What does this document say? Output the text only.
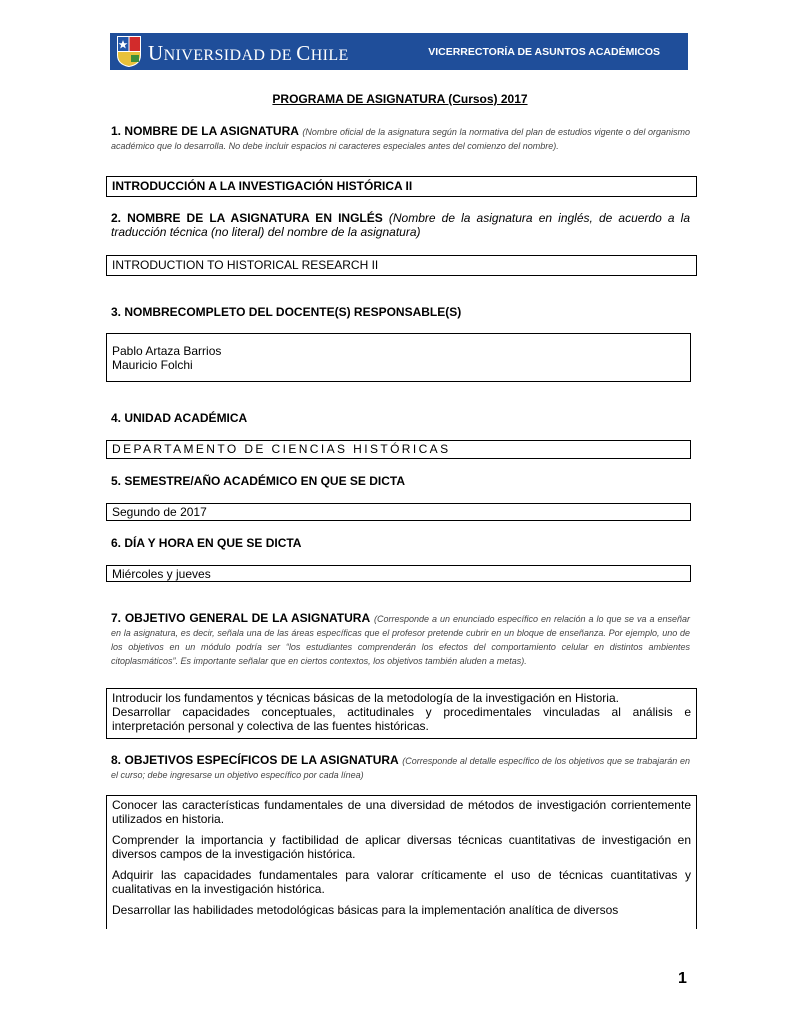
UNIVERSIDAD DE CHILE	VICERRECTORÍA DE ASUNTOS ACADÉMICOS
PROGRAMA DE ASIGNATURA (Cursos) 2017
1. NOMBRE DE LA ASIGNATURA (Nombre oficial de la asignatura según la normativa del plan de estudios vigente o del organismo académico que lo desarrolla. No debe incluir espacios ni caracteres especiales antes del comienzo del nombre).

INTRODUCCIÓN A LA INVESTIGACIÓN HISTÓRICA II

2. NOMBRE DE LA ASIGNATURA EN INGLÉS (Nombre de la asignatura en inglés, de acuerdo a la traducción técnica (no literal) del nombre de la asignatura)

INTRODUCTION TO HISTORICAL RESEARCH II

3. NOMBRECOMPLETO DEL DOCENTE(S) RESPONSABLE(S)

Pablo Artaza Barrios

Mauricio Folchi

4. UNIDAD ACADÉMICA

DEPARTAMENTO DE CIENCIAS HISTÓRICAS

5. SEMESTRE/AÑO ACADÉMICO EN QUE SE DICTA

Segundo de 2017

6. DÍA Y HORA EN QUE SE DICTA

Miércoles y jueves

7. OBJETIVO GENERAL DE LA ASIGNATURA (Corresponde a un enunciado específico en relación a lo que se va a enseñar en la asignatura, es decir, señala una de las áreas específicas que el profesor pretende cubrir en un bloque de enseñanza. Por ejemplo, uno de los objetivos en un módulo podría ser “los estudiantes comprenderán los efectos del comportamiento celular en distintos ambientes citoplasmáticos”. Es importante señalar que en ciertos contextos, los objetivos también aluden a metas).

Introducir los fundamentos y técnicas básicas de la metodología de la investigación en Historia.

Desarrollar capacidades conceptuales, actitudinales y procedimentales vinculadas al análisis e interpretación personal y colectiva de las fuentes históricas.

8. OBJETIVOS ESPECÍFICOS DE LA ASIGNATURA (Corresponde al detalle específico de los objetivos que se trabajarán en el curso; debe ingresarse un objetivo específico por cada línea)

Conocer las características fundamentales de una diversidad de métodos de investigación corrientemente utilizados en historia.

Comprender la importancia y factibilidad de aplicar diversas técnicas cuantitativas de investigación en diversos campos de la investigación histórica.

Adquirir las capacidades fundamentales para valorar críticamente el uso de técnicas cuantitativas y cualitativas en la investigación histórica.

Desarrollar las habilidades metodológicas básicas para la implementación analítica de diversos

1
